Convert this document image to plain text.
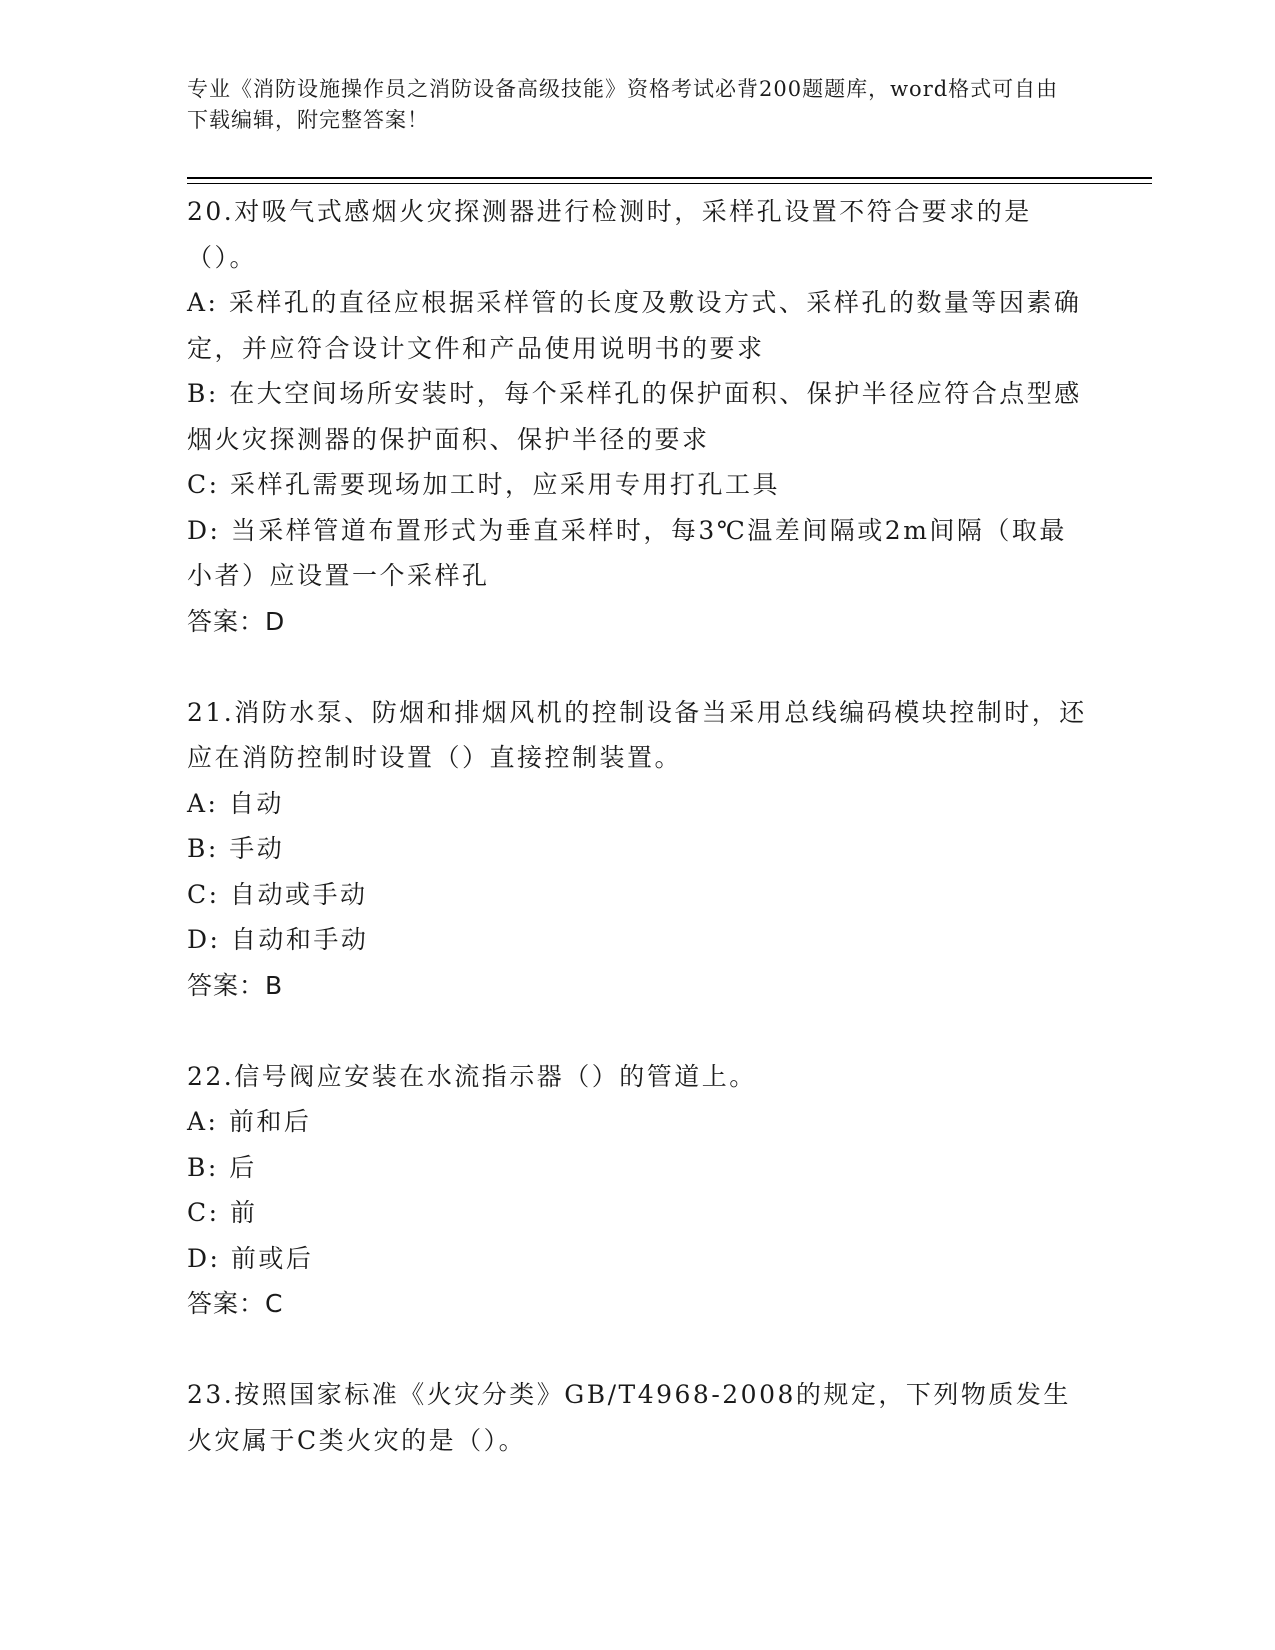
专业《消防设施操作员之消防设备高级技能》资格考试必背200题题库，word格式可自由下载编辑，附完整答案！
20.对吸气式感烟火灾探测器进行检测时，采样孔设置不符合要求的是（）。
A: 采样孔的直径应根据采样管的长度及敷设方式、采样孔的数量等因素确定，并应符合设计文件和产品使用说明书的要求
B: 在大空间场所安装时，每个采样孔的保护面积、保护半径应符合点型感烟火灾探测器的保护面积、保护半径的要求
C: 采样孔需要现场加工时，应采用专用打孔工具
D: 当采样管道布置形式为垂直采样时，每3℃温差间隔或2m间隔（取最小者）应设置一个采样孔
答案：D
21.消防水泵、防烟和排烟风机的控制设备当采用总线编码模块控制时，还应在消防控制时设置（）直接控制装置。
A: 自动
B: 手动
C: 自动或手动
D: 自动和手动
答案：B
22.信号阀应安装在水流指示器（）的管道上。
A: 前和后
B: 后
C: 前
D: 前或后
答案：C
23.按照国家标准《火灾分类》GB/T4968-2008的规定，下列物质发生火灾属于C类火灾的是（）。
